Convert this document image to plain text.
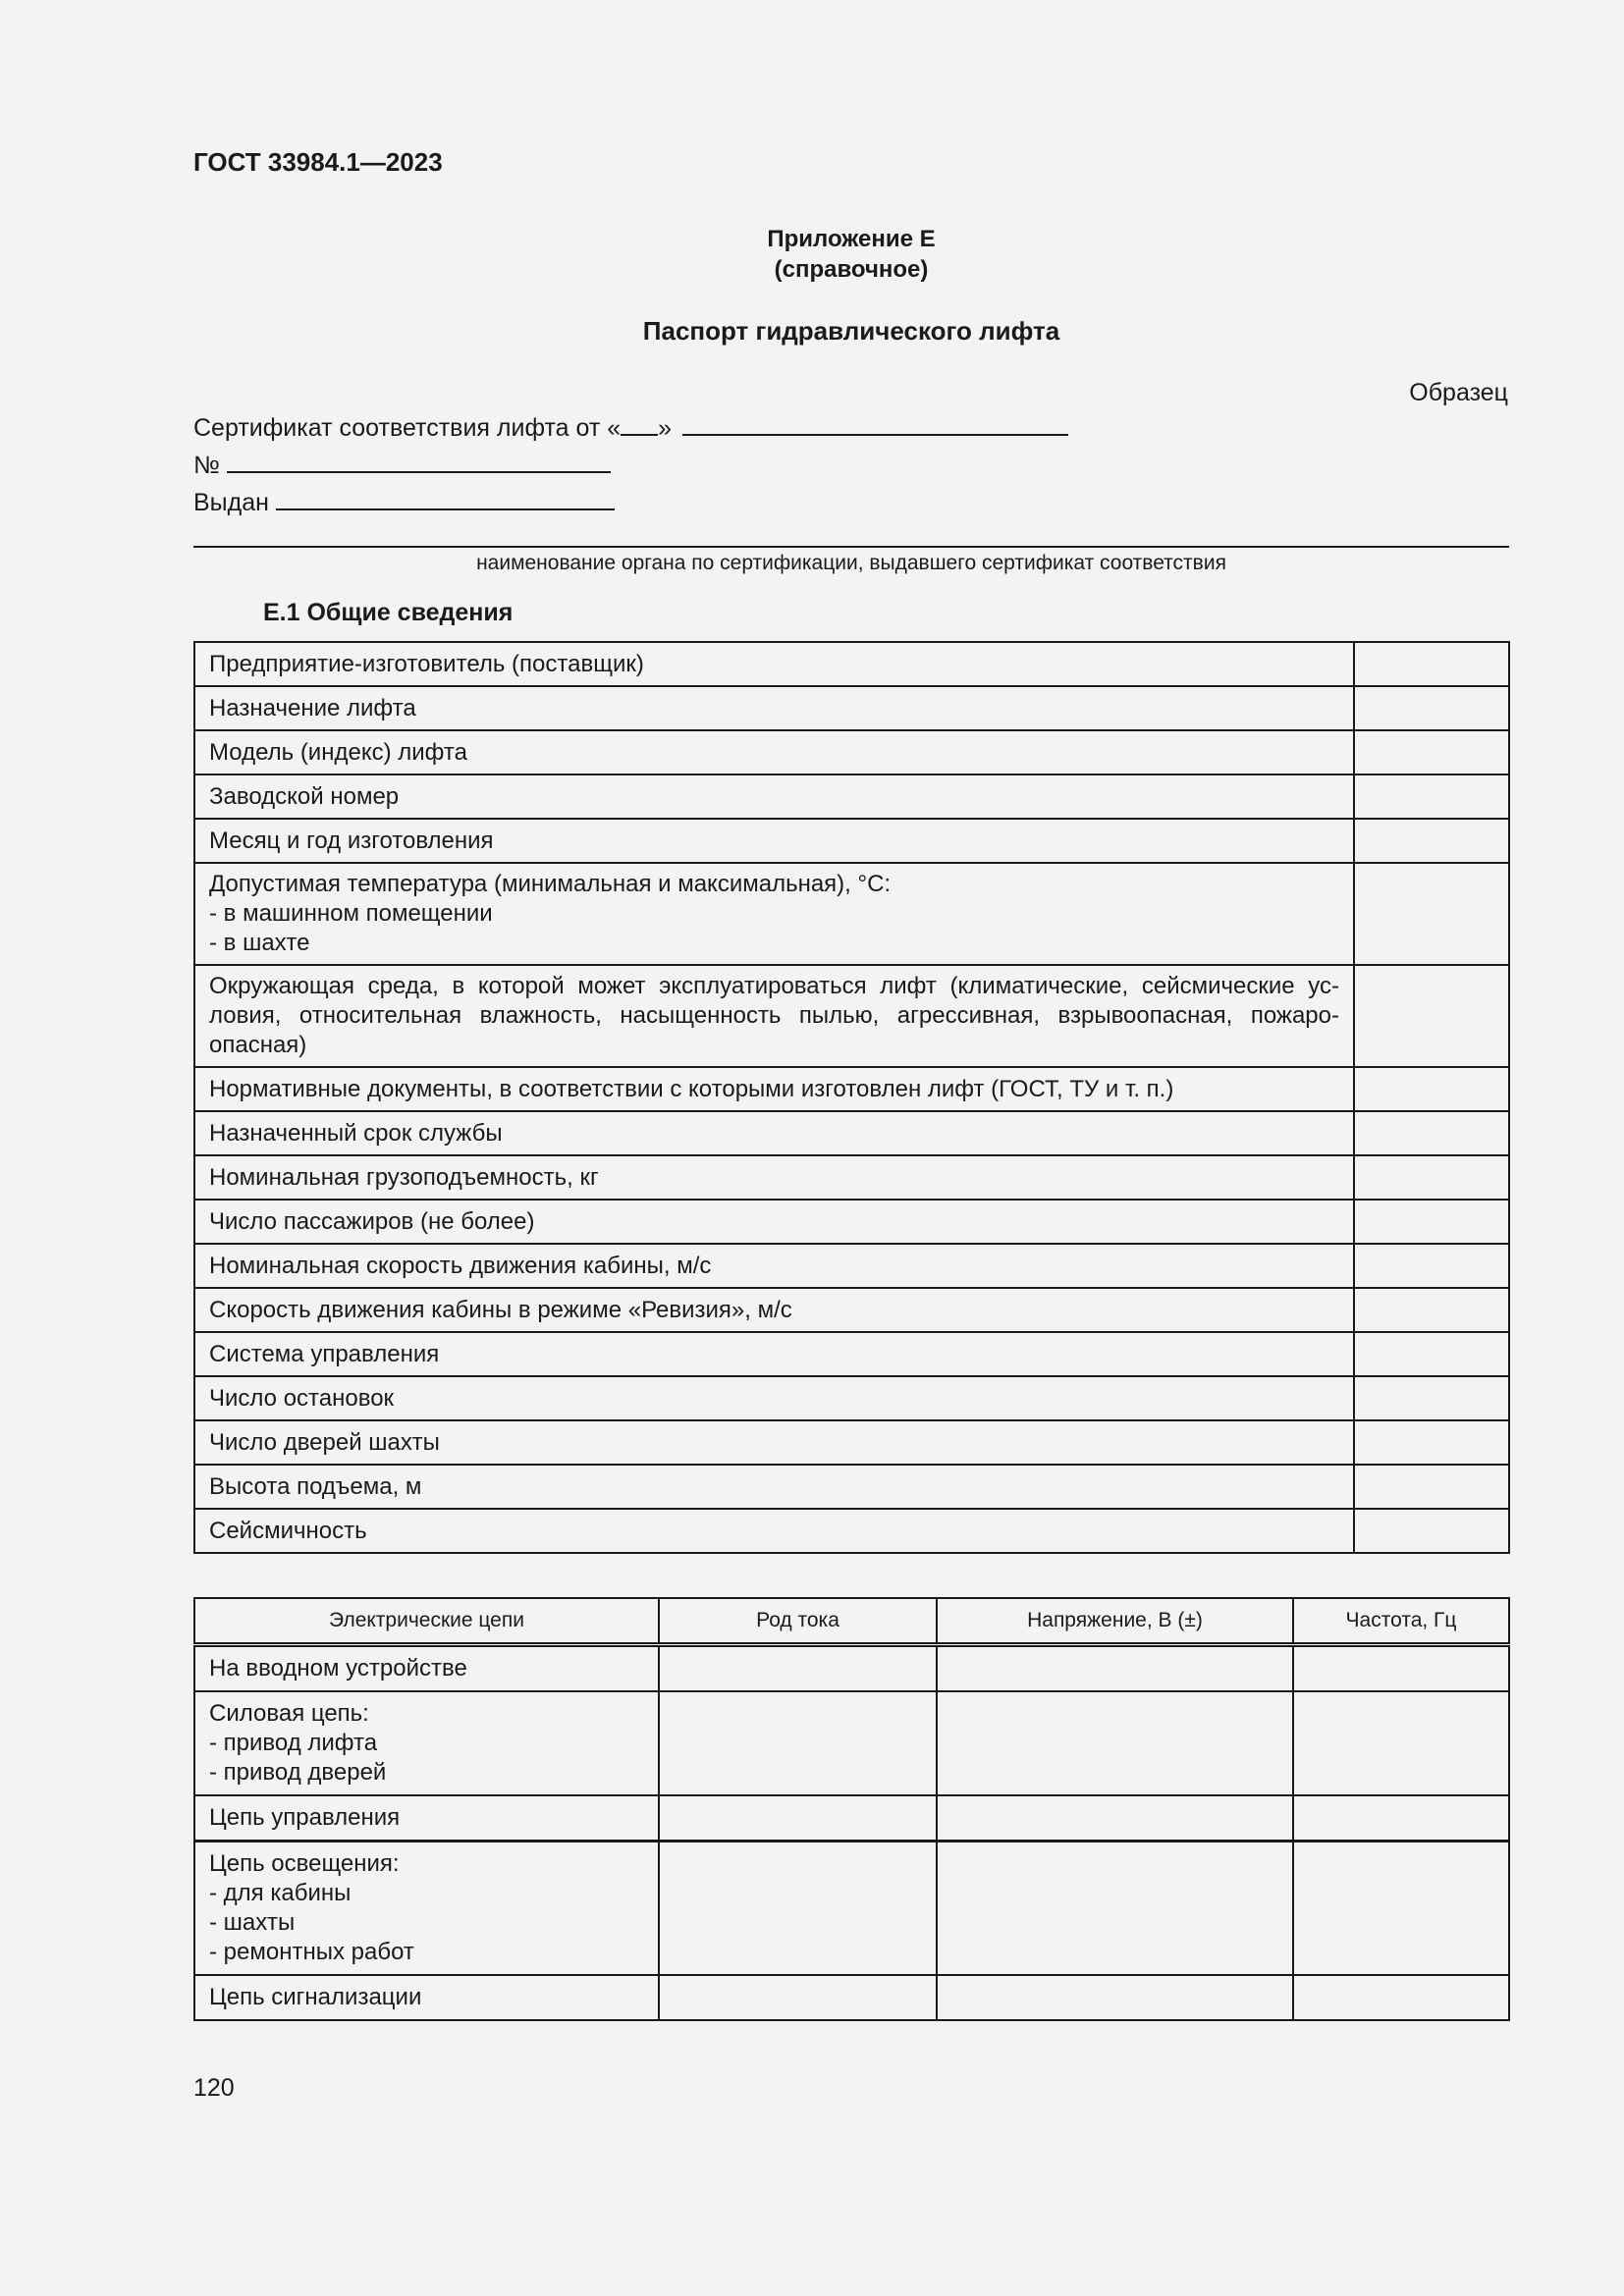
ГОСТ 33984.1—2023
Приложение Е
(справочное)
Паспорт гидравлического лифта
Образец
Сертификат соответствия лифта от « »
№
Выдан
наименование органа по сертификации, выдавшего сертификат соответствия
Е.1 Общие сведения
Предприятие-изготовитель (поставщик)	
Назначение лифта	
Модель (индекс) лифта	
Заводской номер	
Месяц и год изготовления	

Допустимая температура (минимальная и максимальная), °С:
- в машинном помещении
- в шахте	

Окружающая среда, в которой может эксплуатироваться лифт (климатические, сейсмические условия, относительная влажность, насыщенность пылью, агрессивная, взрывоопасная, пожароопасная)	
Нормативные документы, в соответствии с которыми изготовлен лифт (ГОСТ, ТУ и т. п.)	
Назначенный срок службы	
Номинальная грузоподъемность, кг	
Число пассажиров (не более)	
Номинальная скорость движения кабины, м/с	
Скорость движения кабины в режиме «Ревизия», м/с	
Система управления	
Число остановок	
Число дверей шахты	
Высота подъема, м	
Сейсмичность	
Электрические цепи	Род тока	Напряжение, В (±)	Частота, Гц
На вводном устройстве			

Силовая цепь:
- привод лифта
- привод дверей			

Цепь управления			

Цепь освещения:
- для кабины
- шахты
- ремонтных работ			

Цепь сигнализации			
120
